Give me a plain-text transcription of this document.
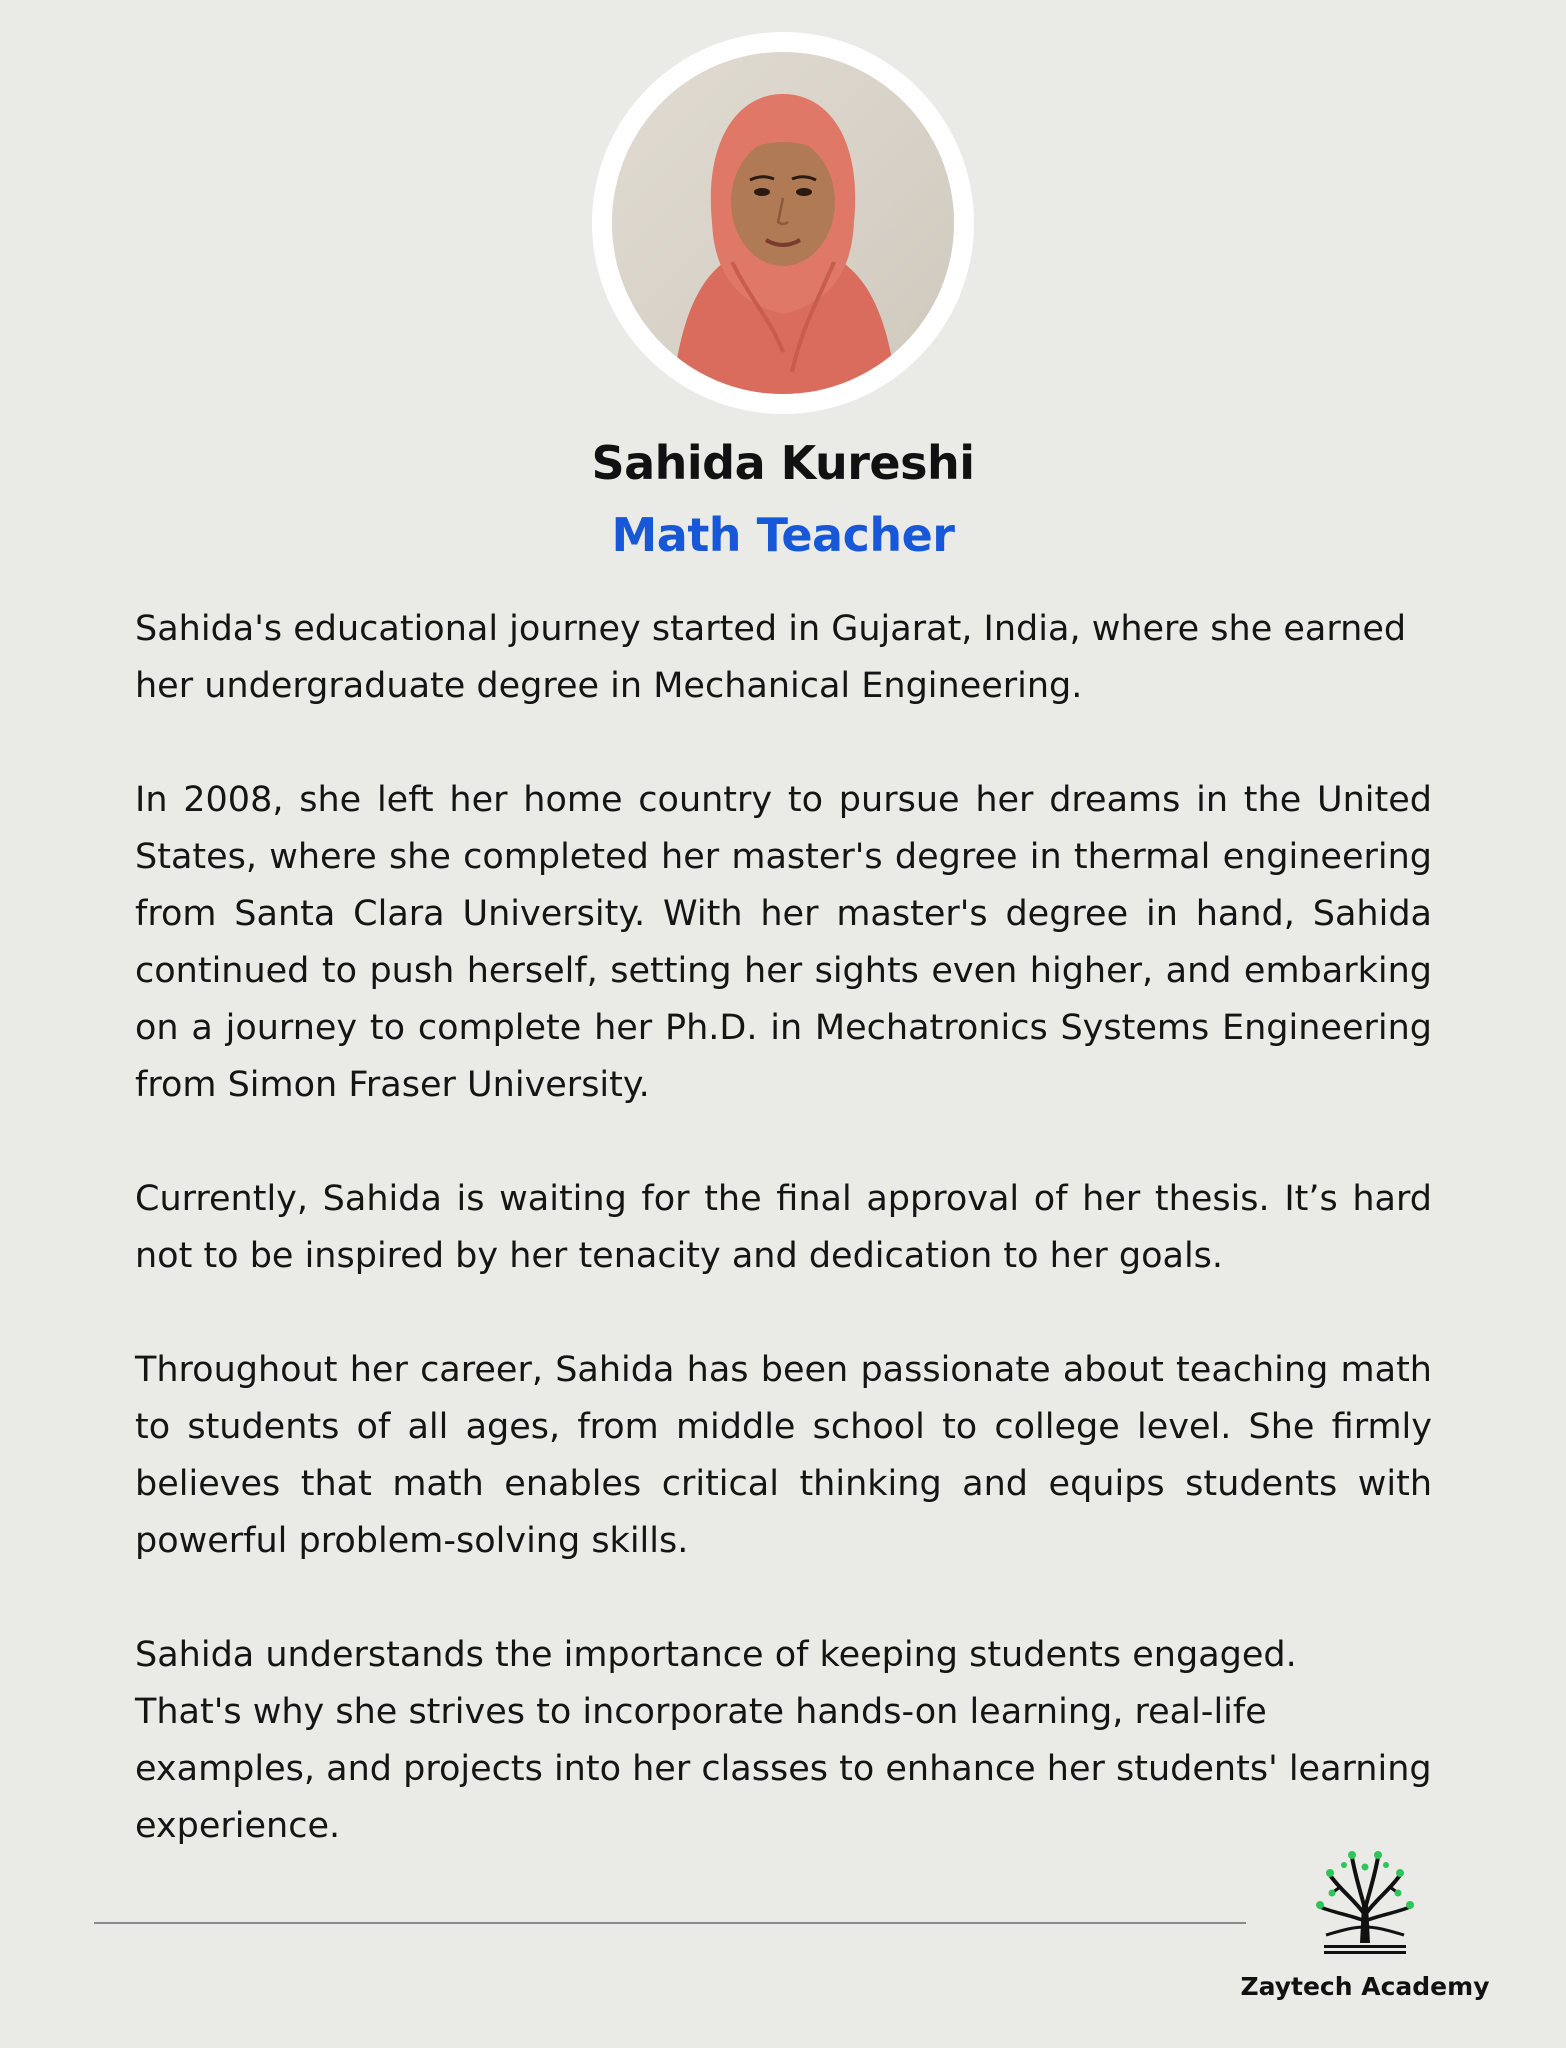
Sahida Kureshi
Math Teacher

Sahida's educational journey started in Gujarat, India, where she earned her undergraduate degree in Mechanical Engineering.

In 2008, she left her home country to pursue her dreams in the United States, where she completed her master's degree in thermal engineering from Santa Clara University. With her master's degree in hand, Sahida continued to push herself, setting her sights even higher, and embarking on a journey to complete her Ph.D. in Mechatronics Systems Engineering from Simon Fraser University.

Currently, Sahida is waiting for the final approval of her thesis. It’s hard not to be inspired by her tenacity and dedication to her goals.

Throughout her career, Sahida has been passionate about teaching math to students of all ages, from middle school to college level. She firmly believes that math enables critical thinking and equips students with powerful problem-solving skills.

Sahida understands the importance of keeping students engaged.
That's why she strives to incorporate hands-on learning, real-life examples, and projects into her classes to enhance her students' learning experience.

Zaytech Academy
